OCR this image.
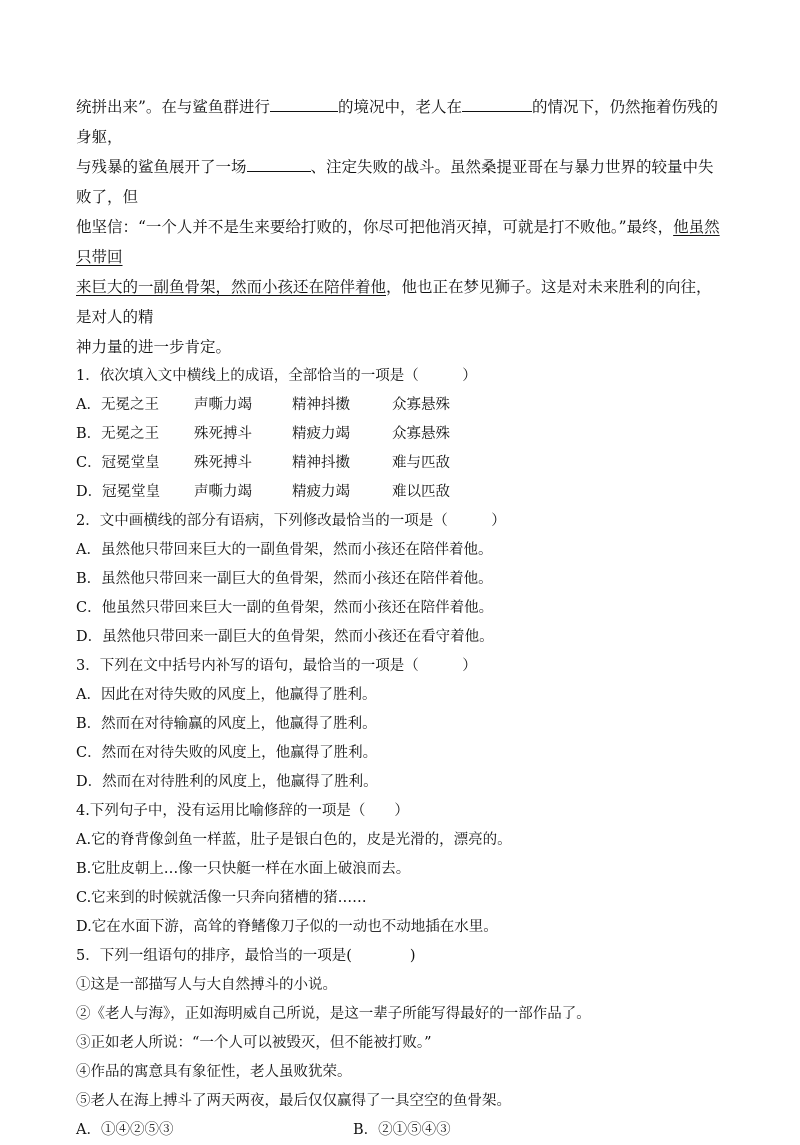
统拼出来”。在与鲨鱼群进行	的境况中，老人在	的情况下，仍然拖着伤残的身躯，

与残暴的鲨鱼展开了一场	、注定失败的战斗。虽然桑提亚哥在与暴力世界的较量中失败了，但

他坚信：“一个人并不是生来要给打败的，你尽可把他消灭掉，可就是打不败他。”最终，他虽然只带回

来巨大的一副鱼骨架，然而小孩还在陪伴着他，他也正在梦见狮子。这是对未来胜利的向往，是对人的精

神力量的进一步肯定。

1．依次填入文中横线上的成语，全部恰当的一项是（　　　）
A．无冕之王	声嘶力竭	精神抖擞	众寡悬殊
B．无冕之王	殊死搏斗	精疲力竭	众寡悬殊
C．冠冕堂皇	殊死搏斗	精神抖擞	难与匹敌
D．冠冕堂皇	声嘶力竭	精疲力竭	难以匹敌
2．文中画横线的部分有语病，下列修改最恰当的一项是（　　　）
A．虽然他只带回来巨大的一副鱼骨架，然而小孩还在陪伴着他。
B．虽然他只带回来一副巨大的鱼骨架，然而小孩还在陪伴着他。
C．他虽然只带回来巨大一副的鱼骨架，然而小孩还在陪伴着他。
D．虽然他只带回来一副巨大的鱼骨架，然而小孩还在看守着他。
3．下列在文中括号内补写的语句，最恰当的一项是（　　　）
A．因此在对待失败的风度上，他赢得了胜利。
B．然而在对待输赢的风度上，他赢得了胜利。
C．然而在对待失败的风度上，他赢得了胜利。
D．然而在对待胜利的风度上，他赢得了胜利。
4.下列句子中，没有运用比喻修辞的一项是（　　）
A.它的脊背像剑鱼一样蓝，肚子是银白色的，皮是光滑的，漂亮的。
B.它肚皮朝上…像一只快艇一样在水面上破浪而去。
C.它来到的时候就活像一只奔向猪槽的猪……
D.它在水面下游，高耸的脊鳍像刀子似的一动也不动地插在水里。
5．下列一组语句的排序，最恰当的一项是(　　　　)
①这是一部描写人与大自然搏斗的小说。
②《老人与海》，正如海明威自己所说，是这一辈子所能写得最好的一部作品了。
③正如老人所说：“一个人可以被毁灭，但不能被打败。”
④作品的寓意具有象征性，老人虽败犹荣。
⑤老人在海上搏斗了两天两夜，最后仅仅赢得了一具空空的鱼骨架。
A．①④②⑤③	B．②①⑤④③
